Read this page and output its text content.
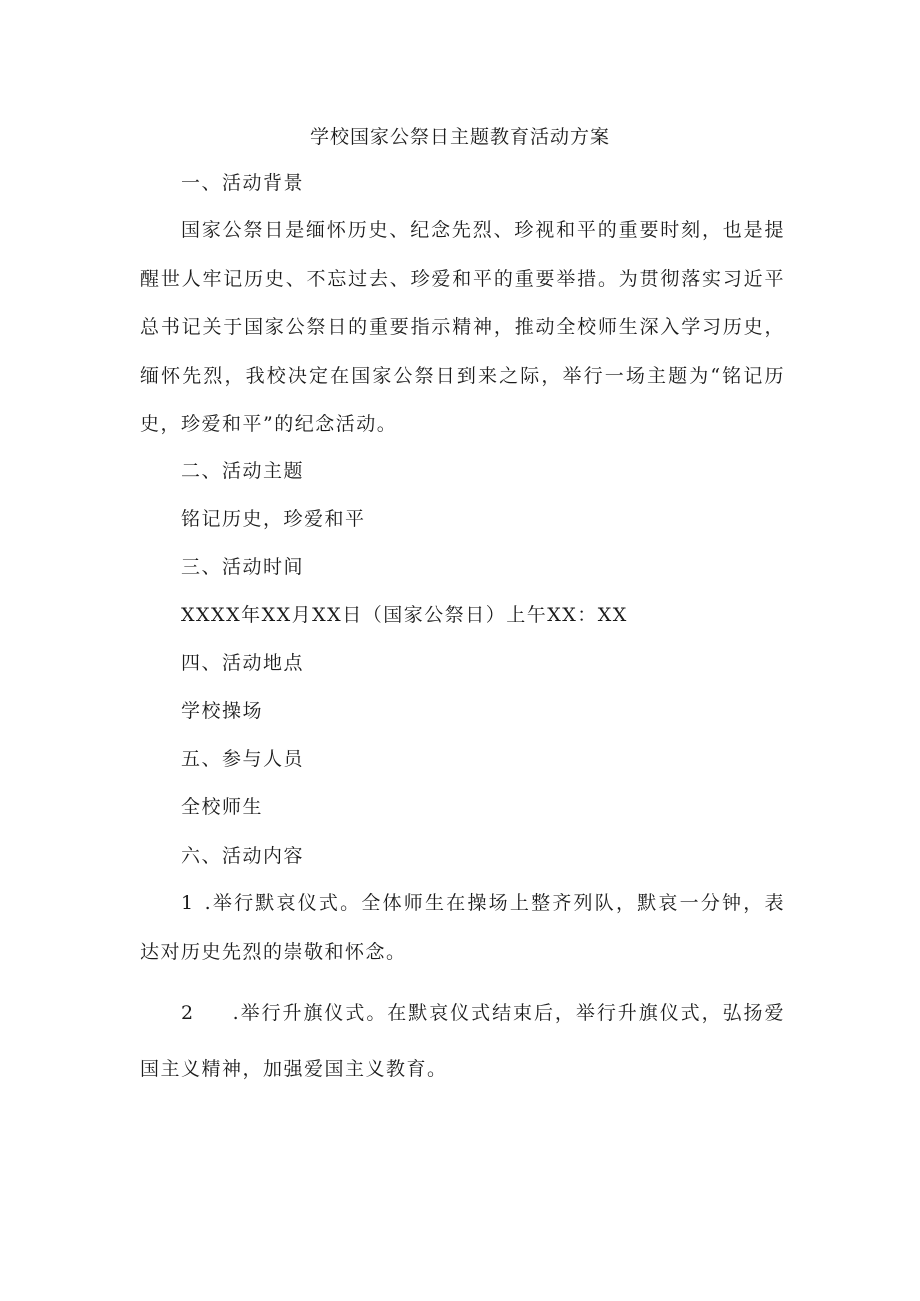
学校国家公祭日主题教育活动方案
一、活动背景
国家公祭日是缅怀历史、纪念先烈、珍视和平的重要时刻，也是提醒世人牢记历史、不忘过去、珍爱和平的重要举措。为贯彻落实习近平总书记关于国家公祭日的重要指示精神，推动全校师生深入学习历史，缅怀先烈，我校决定在国家公祭日到来之际，举行一场主题为“铭记历史，珍爱和平”的纪念活动。
二、活动主题
铭记历史，珍爱和平
三、活动时间
XXXX年XX月XX日（国家公祭日）上午XX：XX
四、活动地点
学校操场
五、参与人员
全校师生
六、活动内容
1 .举行默哀仪式。全体师生在操场上整齐列队，默哀一分钟，表达对历史先烈的崇敬和怀念。
2 .举行升旗仪式。在默哀仪式结束后，举行升旗仪式，弘扬爱国主义精神，加强爱国主义教育。
